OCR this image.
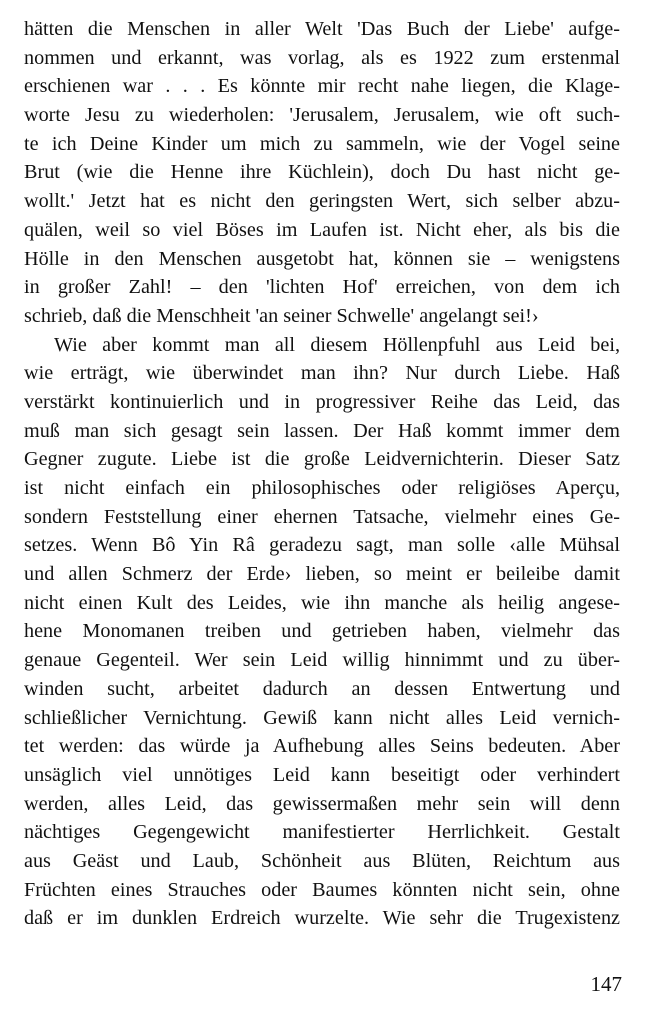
hätten die Menschen in aller Welt 'Das Buch der Liebe' aufge-
nommen und erkannt, was vorlag, als es 1922 zum erstenmal
erschienen war . . . Es könnte mir recht nahe liegen, die Klage-
worte Jesu zu wiederholen: 'Jerusalem, Jerusalem, wie oft such-
te ich Deine Kinder um mich zu sammeln, wie der Vogel seine
Brut (wie die Henne ihre Küchlein), doch Du hast nicht ge-
wollt.' Jetzt hat es nicht den geringsten Wert, sich selber abzu-
quälen, weil so viel Böses im Laufen ist. Nicht eher, als bis die
Hölle in den Menschen ausgetobt hat, können sie – wenigstens
in großer Zahl! – den 'lichten Hof' erreichen, von dem ich
schrieb, daß die Menschheit 'an seiner Schwelle' angelangt sei!›
Wie aber kommt man all diesem Höllenpfuhl aus Leid bei,
wie erträgt, wie überwindet man ihn? Nur durch Liebe. Haß
verstärkt kontinuierlich und in progressiver Reihe das Leid, das
muß man sich gesagt sein lassen. Der Haß kommt immer dem
Gegner zugute. Liebe ist die große Leidvernichterin. Dieser Satz
ist nicht einfach ein philosophisches oder religiöses Aperçu,
sondern Feststellung einer ehernen Tatsache, vielmehr eines Ge-
setzes. Wenn Bô Yin Râ geradezu sagt, man solle ‹alle Mühsal
und allen Schmerz der Erde› lieben, so meint er beileibe damit
nicht einen Kult des Leides, wie ihn manche als heilig angese-
hene Monomanen treiben und getrieben haben, vielmehr das
genaue Gegenteil. Wer sein Leid willig hinnimmt und zu über-
winden sucht, arbeitet dadurch an dessen Entwertung und
schließlicher Vernichtung. Gewiß kann nicht alles Leid vernich-
tet werden: das würde ja Aufhebung alles Seins bedeuten. Aber
unsäglich viel unnötiges Leid kann beseitigt oder verhindert
werden, alles Leid, das gewissermaßen mehr sein will denn
nächtiges Gegengewicht manifestierter Herrlichkeit. Gestalt
aus Geäst und Laub, Schönheit aus Blüten, Reichtum aus
Früchten eines Strauches oder Baumes könnten nicht sein, ohne
daß er im dunklen Erdreich wurzelte. Wie sehr die Trugexistenz
147
